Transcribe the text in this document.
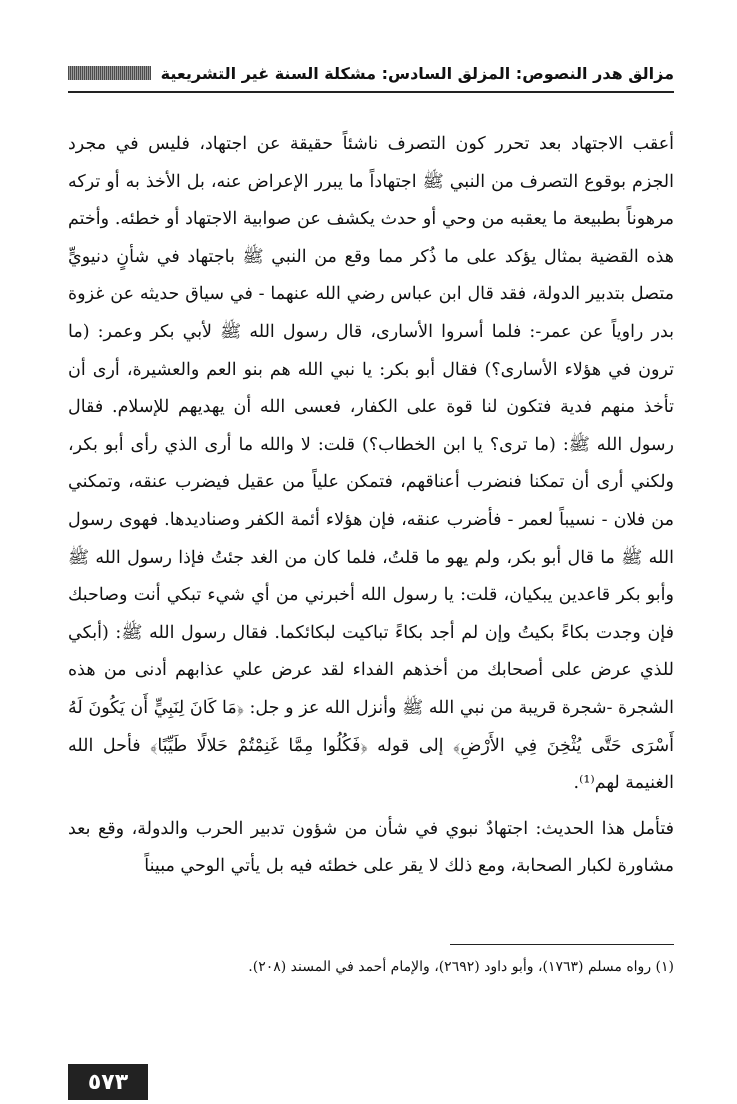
مزالق هدر النصوص: المزلق السادس: مشكلة السنة غير التشريعية

أعقب الاجتهاد بعد تحرر كون التصرف ناشئاً حقيقة عن اجتهاد، فليس في مجرد الجزم بوقوع التصرف من النبي ﷺ اجتهاداً ما يبرر الإعراض عنه، بل الأخذ به أو تركه مرهوناً بطبيعة ما يعقبه من وحي أو حدث يكشف عن صوابية الاجتهاد أو خطئه. وأختم هذه القضية بمثال يؤكد على ما ذُكر مما وقع من النبي ﷺ باجتهاد في شأنٍ دنيويٍّ متصل بتدبير الدولة، فقد قال ابن عباس رضي الله عنهما - في سياق حديثه عن غزوة بدر راوياً عن عمر-: فلما أسروا الأسارى، قال رسول الله ﷺ لأبي بكر وعمر: (ما ترون في هؤلاء الأسارى؟) فقال أبو بكر: يا نبي الله هم بنو العم والعشيرة، أرى أن تأخذ منهم فدية فتكون لنا قوة على الكفار، فعسى الله أن يهديهم للإسلام. فقال رسول الله ﷺ: (ما ترى؟ يا ابن الخطاب؟) قلت: لا والله ما أرى الذي رأى أبو بكر، ولكني أرى أن تمكنا فنضرب أعناقهم، فتمكن علياً من عقيل فيضرب عنقه، وتمكني من فلان - نسيباً لعمر - فأضرب عنقه، فإن هؤلاء أئمة الكفر وصناديدها. فهوى رسول الله ﷺ ما قال أبو بكر، ولم يهو ما قلتُ، فلما كان من الغد جئتُ فإذا رسول الله ﷺ وأبو بكر قاعدين يبكيان، قلت: يا رسول الله أخبرني من أي شيء تبكي أنت وصاحبك فإن وجدت بكاءً بكيتُ وإن لم أجد بكاءً تباكيت لبكائكما. فقال رسول الله ﷺ: (أبكي للذي عرض على أصحابك من أخذهم الفداء لقد عرض علي عذابهم أدنى من هذه الشجرة -شجرة قريبة من نبي الله ﷺ وأنزل الله عز و جل: ﴿مَا كَانَ لِنَبِيٍّ أَن يَكُونَ لَهُ أَسْرَى حَتَّى يُثْخِنَ فِي الأَرْضِ﴾ إلى قوله ﴿فَكُلُوا مِمَّا غَنِمْتُمْ حَلالًا طَيِّبًا﴾ فأحل الله الغنيمة لهم⁽¹⁾.

فتأمل هذا الحديث: اجتهادٌ نبوي في شأن من شؤون تدبير الحرب والدولة، وقع بعد مشاورة لكبار الصحابة، ومع ذلك لا يقر على خطئه فيه بل يأتي الوحي مبيناً

(١) رواه مسلم (١٧٦٣)، وأبو داود (٢٦٩٢)، والإمام أحمد في المسند (٢٠٨).
٥٧٣
